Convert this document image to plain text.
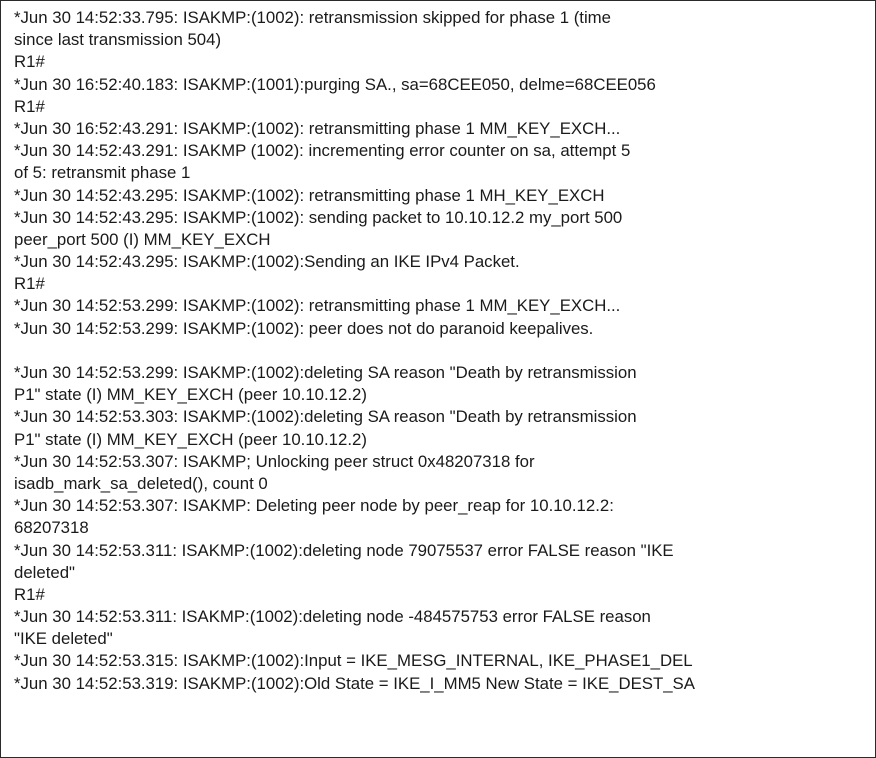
*Jun 30 14:52:33.795: ISAKMP:(1002): retransmission skipped for phase 1 (time
since last transmission 504)
R1#
*Jun 30 16:52:40.183: ISAKMP:(1001):purging SA., sa=68CEE050, delme=68CEE056
R1#
*Jun 30 16:52:43.291: ISAKMP:(1002): retransmitting phase 1 MM_KEY_EXCH...
*Jun 30 14:52:43.291: ISAKMP (1002): incrementing error counter on sa, attempt 5
of 5: retransmit phase 1
*Jun 30 14:52:43.295: ISAKMP:(1002): retransmitting phase 1 MH_KEY_EXCH
*Jun 30 14:52:43.295: ISAKMP:(1002): sending packet to 10.10.12.2 my_port 500
peer_port 500 (I) MM_KEY_EXCH
*Jun 30 14:52:43.295: ISAKMP:(1002):Sending an IKE IPv4 Packet.
R1#
*Jun 30 14:52:53.299: ISAKMP:(1002): retransmitting phase 1 MM_KEY_EXCH...
*Jun 30 14:52:53.299: ISAKMP:(1002): peer does not do paranoid keepalives.
*Jun 30 14:52:53.299: ISAKMP:(1002):deleting SA reason "Death by retransmission
P1" state (I) MM_KEY_EXCH (peer 10.10.12.2)
*Jun 30 14:52:53.303: ISAKMP:(1002):deleting SA reason "Death by retransmission
P1" state (I) MM_KEY_EXCH (peer 10.10.12.2)
*Jun 30 14:52:53.307: ISAKMP; Unlocking peer struct 0x48207318 for
isadb_mark_sa_deleted(), count 0
*Jun 30 14:52:53.307: ISAKMP: Deleting peer node by peer_reap for 10.10.12.2:
68207318
*Jun 30 14:52:53.311: ISAKMP:(1002):deleting node 79075537 error FALSE reason "IKE
deleted"
R1#
*Jun 30 14:52:53.311: ISAKMP:(1002):deleting node -484575753 error FALSE reason
"IKE deleted"
*Jun 30 14:52:53.315: ISAKMP:(1002):Input = IKE_MESG_INTERNAL, IKE_PHASE1_DEL
*Jun 30 14:52:53.319: ISAKMP:(1002):Old State = IKE_I_MM5 New State = IKE_DEST_SA
